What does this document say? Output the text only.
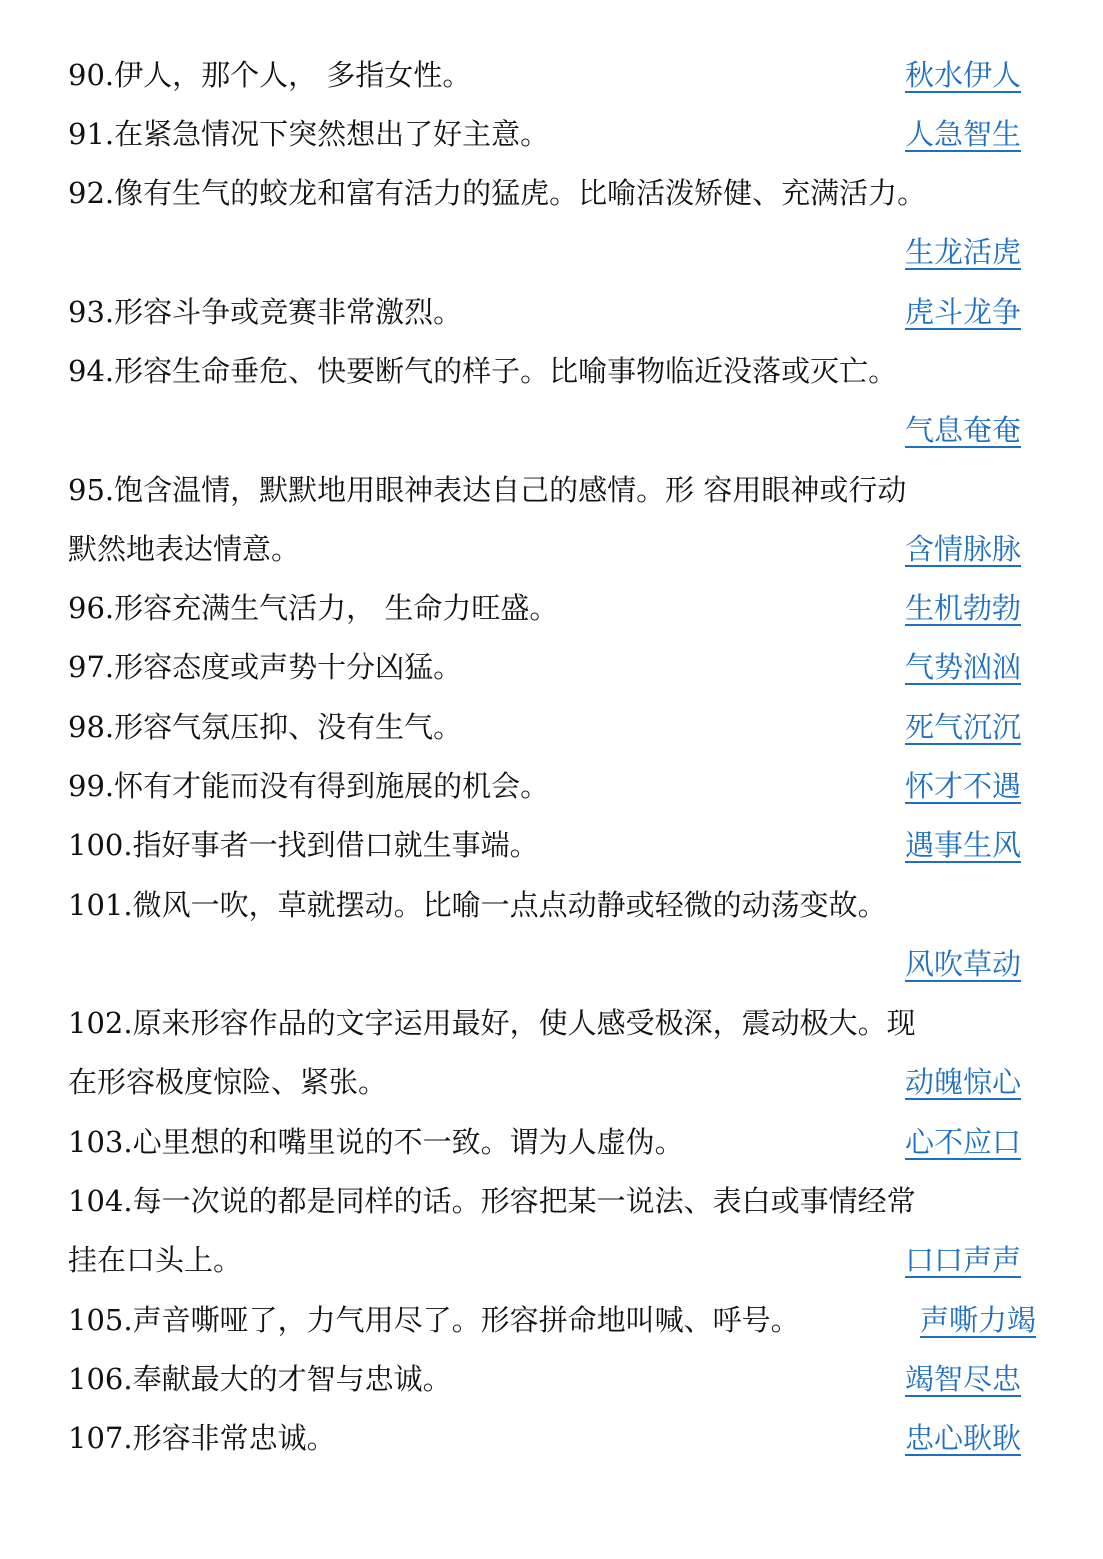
90.伊人，那个人， 多指女性。	秋水伊人
91.在紧急情况下突然想出了好主意。	人急智生
92.像有生气的蛟龙和富有活力的猛虎。比喻活泼矫健、充满活力。
生龙活虎
93.形容斗争或竞赛非常激烈。	虎斗龙争
94.形容生命垂危、快要断气的样子。比喻事物临近没落或灭亡。
气息奄奄
95.饱含温情，默默地用眼神表达自己的感情。形 容用眼神或行动
默然地表达情意。	含情脉脉
96.形容充满生气活力， 生命力旺盛。	生机勃勃
97.形容态度或声势十分凶猛。	气势汹汹
98.形容气氛压抑、没有生气。	死气沉沉
99.怀有才能而没有得到施展的机会。	怀才不遇
100.指好事者一找到借口就生事端。	遇事生风
101.微风一吹，草就摆动。比喻一点点动静或轻微的动荡变故。
风吹草动
102.原来形容作品的文字运用最好，使人感受极深，震动极大。现
在形容极度惊险、紧张。	动魄惊心
103.心里想的和嘴里说的不一致。谓为人虚伪。	心不应口
104.每一次说的都是同样的话。形容把某一说法、表白或事情经常
挂在口头上。	口口声声
105.声音嘶哑了，力气用尽了。形容拼命地叫喊、呼号。	声嘶力竭
106.奉献最大的才智与忠诚。	竭智尽忠
107.形容非常忠诚。	忠心耿耿
